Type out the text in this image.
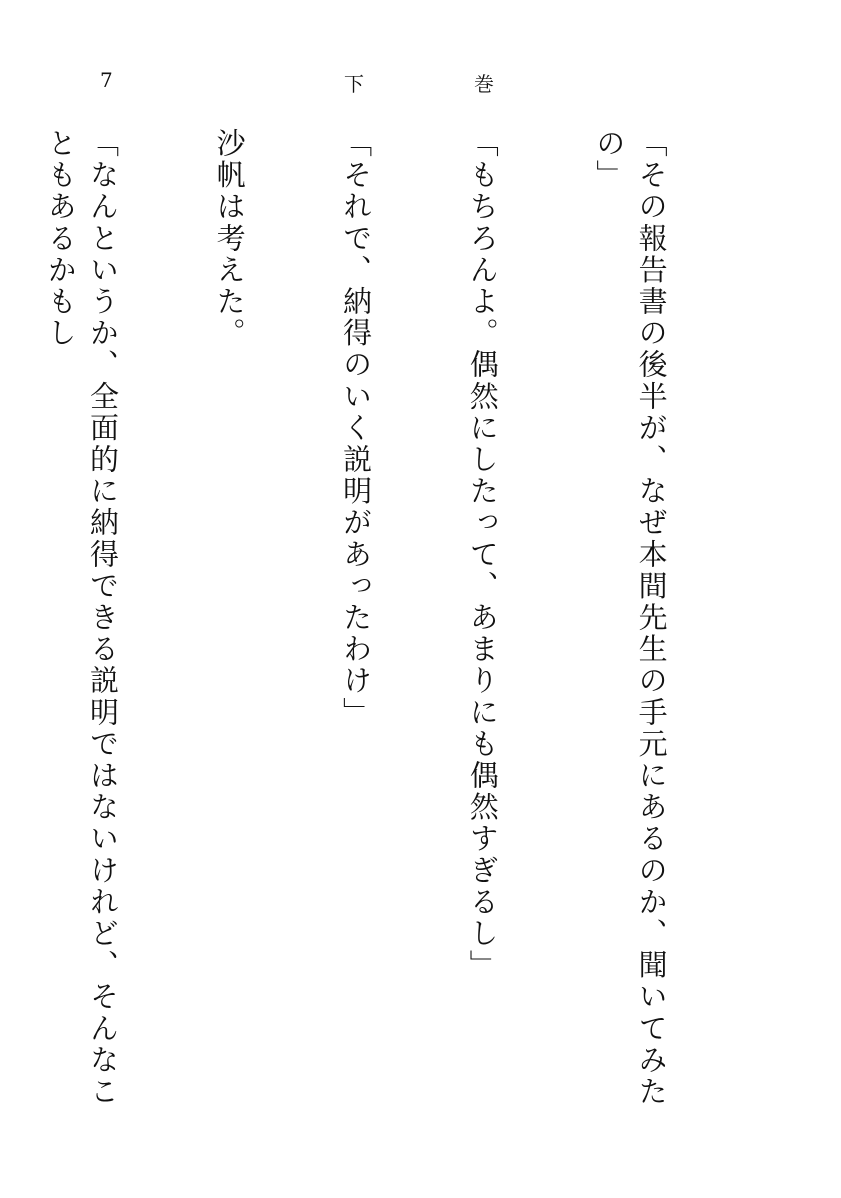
7	下	巻

「その報告書の後半が、なぜ本間先生の手元にあるのか、聞いてみたの」

「もちろんよ。偶然にしたって、あまりにも偶然すぎるし」

「それで、納得のいく説明があったわけ」

沙帆は考えた。

「なんというか、全面的に納得できる説明ではないけれど、そんなこともあるかもし
